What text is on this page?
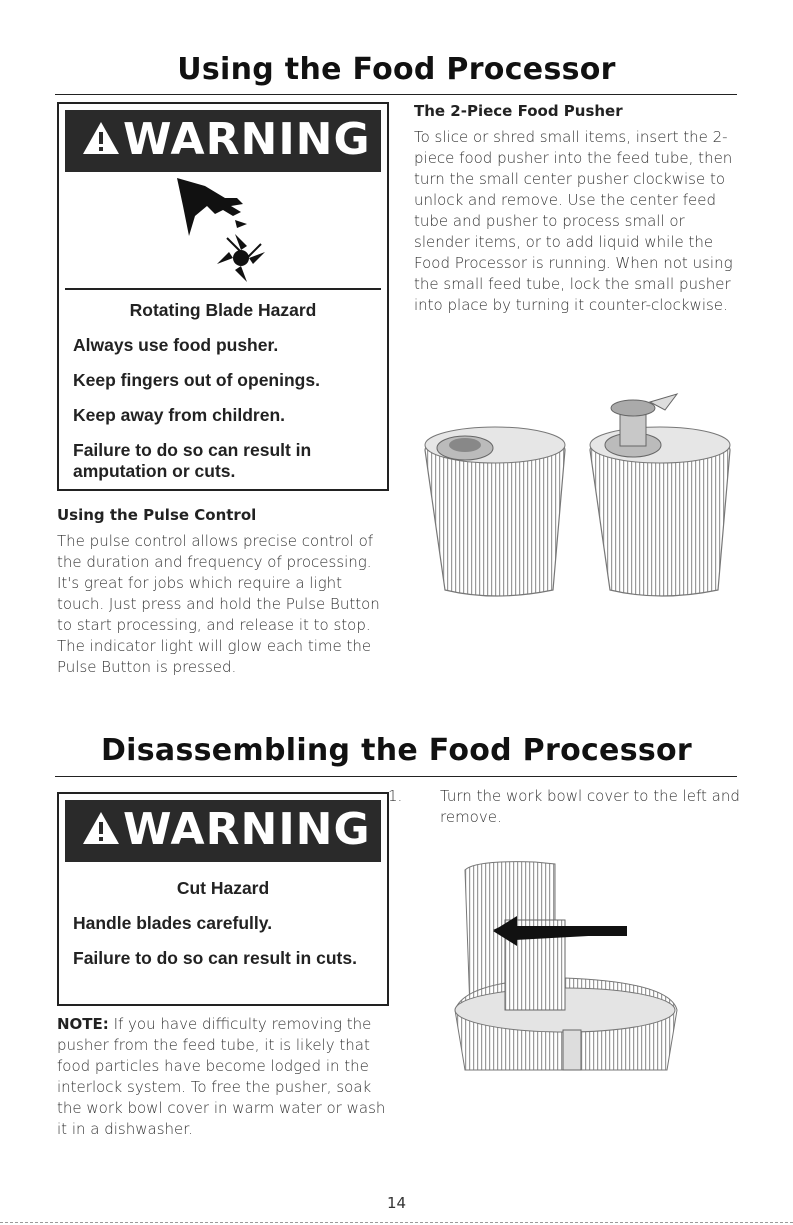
Using the Food Processor
WARNING

Rotating Blade Hazard

Always use food pusher.

Keep fingers out of openings.

Keep away from children.

Failure to do so can result in amputation or cuts.

Using the Pulse Control

The pulse control allows precise control of the duration and frequency of processing. It's great for jobs which require a light touch. Just press and hold the Pulse Button to start processing, and release it to stop. The indicator light will glow each time the Pulse Button is pressed.

The 2-Piece Food Pusher

To slice or shred small items, insert the 2-piece food pusher into the feed tube, then turn the small center pusher clockwise to unlock and remove. Use the center feed tube and pusher to process small or slender items, or to add liquid while the Food Processor is running. When not using the small feed tube, lock the small pusher into place by turning it counter-clockwise.

Disassembling the Food Processor
WARNING

Cut Hazard

Handle blades carefully.

Failure to do so can result in cuts.

NOTE: If you have difficulty removing the pusher from the feed tube, it is likely that food particles have become lodged in the interlock system. To free the pusher, soak the work bowl cover in warm water or wash it in a dishwasher.

1.	Turn the work bowl cover to the left and remove.

14
